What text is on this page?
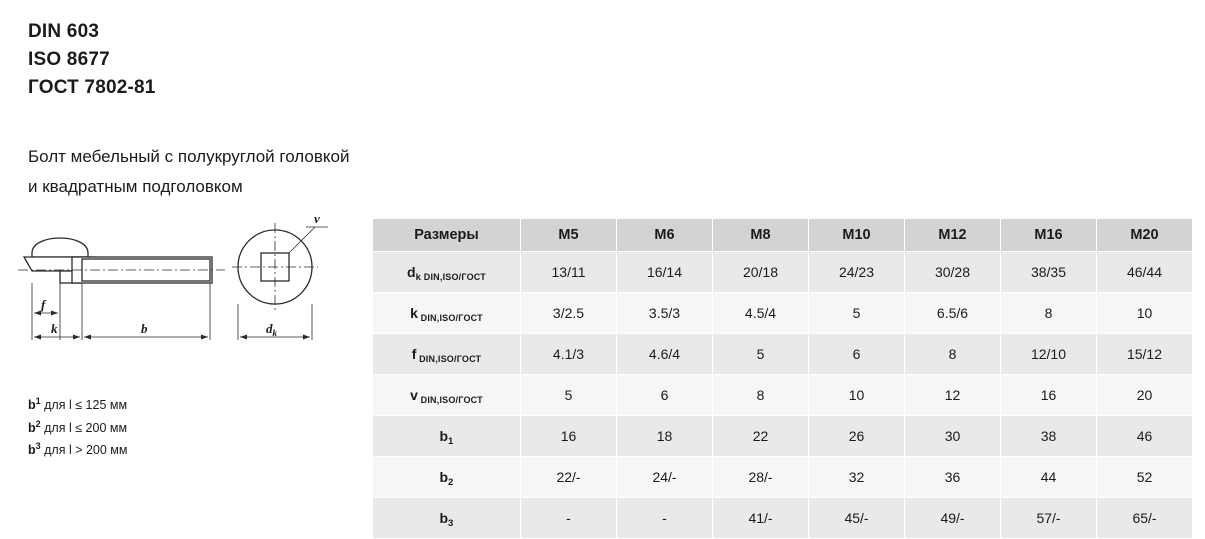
DIN 603
ISO 8677
ГОСТ 7802-81
Болт мебельный с полукруглой головкой
и квадратным подголовком
f
k	b
v
$d_k$
$b^1$ для l ≤ 125 мм
$b^2$ для l ≤ 200 мм
$b^3$ для l > 200 мм
Размеры	M5	M6	M8	M10	M12	M16	M20
$d_k$ $_{DIN,ISO/ГОСТ}$	13/11	16/14	20/18	24/23	30/28	38/35	46/44
k $_{DIN,ISO/ГОСТ}$	3/2.5	3.5/3	4.5/4	5	6.5/6	8	10
f $_{DIN,ISO/ГОСТ}$	4.1/3	4.6/4	5	6	8	12/10	15/12
v $_{DIN,ISO/ГОСТ}$	5	6	8	10	12	16	20
$b_1$	16	18	22	26	30	38	46
$b_2$	22/-	24/-	28/-	32	36	44	52
$b_3$	-	-	41/-	45/-	49/-	57/-	65/-
